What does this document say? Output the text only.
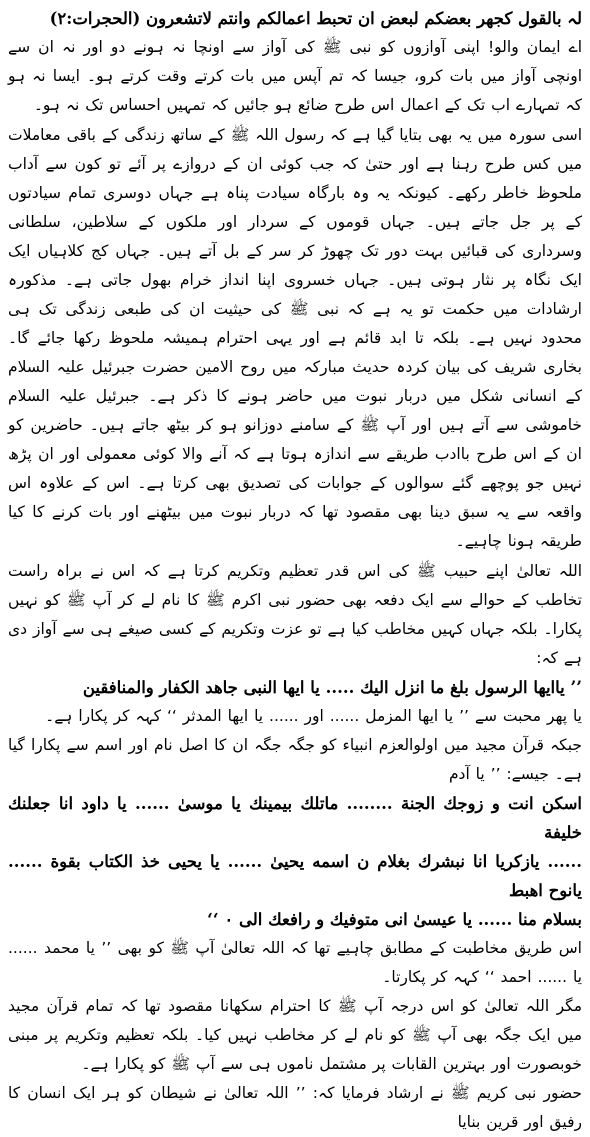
لہ بالقول کجھر بعضکم لبعض ان تحبط اعمالکم وانتم لاتشعرون (الحجرات:۲)

اے ایمان والو! اپنی آوازوں کو نبی ﷺ کی آواز سے اونچا نہ ہونے دو اور نہ ان سے اونچی آواز میں بات کرو، جیسا کہ تم آپس میں بات کرتے وقت کرتے ہو۔ ایسا نہ ہو کہ تمہارے اب تک کے اعمال اس طرح ضائع ہو جائیں کہ تمہیں احساس تک نہ ہو۔

اسی سورہ میں یہ بھی بتایا گیا ہے کہ رسول اللہ ﷺ کے ساتھ زندگی کے باقی معاملات میں کس طرح رہنا ہے اور حتیٰ کہ جب کوئی ان کے دروازے پر آئے تو کون سے آداب ملحوظ خاطر رکھے۔ کیونکہ یہ وہ بارگاہ سیادت پناہ ہے جہاں دوسری تمام سیادتوں کے پر جل جاتے ہیں۔ جہاں قوموں کے سردار اور ملکوں کے سلاطین، سلطانی وسرداری کی قبائیں بہت دور تک چھوڑ کر سر کے بل آتے ہیں۔ جہاں کج کلاہیاں ایک ایک نگاہ پر نثار ہوتی ہیں۔ جہاں خسروی اپنا انداز خرام بھول جاتی ہے۔ مذکورہ ارشادات میں حکمت تو یہ ہے کہ نبی ﷺ کی حیثیت ان کی طبعی زندگی تک ہی محدود نہیں ہے۔ بلکہ تا ابد قائم ہے اور یہی احترام ہمیشہ ملحوظ رکھا جائے گا۔ بخاری شریف کی بیان کردہ حدیث مبارکہ میں روح الامین حضرت جبرئیل علیہ السلام کے انسانی شکل میں دربار نبوت میں حاضر ہونے کا ذکر ہے۔ جبرئیل علیہ السلام خاموشی سے آتے ہیں اور آپ ﷺ کے سامنے دوزانو ہو کر بیٹھ جاتے ہیں۔ حاضرین کو ان کے اس طرح باادب طریقے سے اندازہ ہوتا ہے کہ آنے والا کوئی معمولی اور ان پڑھ نہیں جو پوچھے گئے سوالوں کے جوابات کی تصدیق بھی کرتا ہے۔ اس کے علاوہ اس واقعہ سے یہ سبق دینا بھی مقصود تھا کہ دربار نبوت میں بیٹھنے اور بات کرنے کا کیا طریقہ ہونا چاہیے۔

اللہ تعالیٰ اپنے حبیب ﷺ کی اس قدر تعظیم وتکریم کرتا ہے کہ اس نے براہ راست تخاطب کے حوالے سے ایک دفعہ بھی حضور نبی اکرم ﷺ کا نام لے کر آپ ﷺ کو نہیں پکارا۔ بلکہ جہاں کہیں مخاطب کیا ہے تو عزت وتکریم کے کسی صیغے ہی سے آواز دی ہے کہ:

’’ یاایھا الرسول بلغ ما انزل الیك ..... یا ایھا النبی جاھد الکفار والمنافقین

یا پھر محبت سے ’’ یا ایھا المزمل ...... اور ...... یا ایھا المدثر ‘‘ کہہ کر پکارا ہے۔

جبکہ قرآن مجید میں اولوالعزم انبیاء کو جگہ جگہ ان کا اصل نام اور اسم سے پکارا گیا ہے۔ جیسے: ’’ یا آدم

اسکن انت و زوجك الجنة ........ ماتلك بیمینك یا موسیٰ ...... یا داود انا جعلنك خلیفة

...... یازکریا انا نبشرك بغلام ن اسمه یحییٰ ...... یا یحیی خذ الکتاب بقوة ...... یانوح اھبط

بسلام منا ...... یا عیسیٰ انی متوفیك و رافعك الی ۰ ‘‘

اس طریق مخاطبت کے مطابق چاہیے تھا کہ اللہ تعالیٰ آپ ﷺ کو بھی ’’ یا محمد ...... یا ...... احمد ‘‘ کہہ کر پکارتا۔

مگر اللہ تعالیٰ کو اس درجہ آپ ﷺ کا احترام سکھانا مقصود تھا کہ تمام قرآن مجید میں ایک جگہ بھی آپ ﷺ کو نام لے کر مخاطب نہیں کیا۔ بلکہ تعظیم وتکریم پر مبنی خوبصورت اور بہترین القابات پر مشتمل ناموں ہی سے آپ ﷺ کو پکارا ہے۔

حضور نبی کریم ﷺ نے ارشاد فرمایا کہ: ’’ اللہ تعالیٰ نے شیطان کو ہر ایک انسان کا رفیق اور قرین بنایا
